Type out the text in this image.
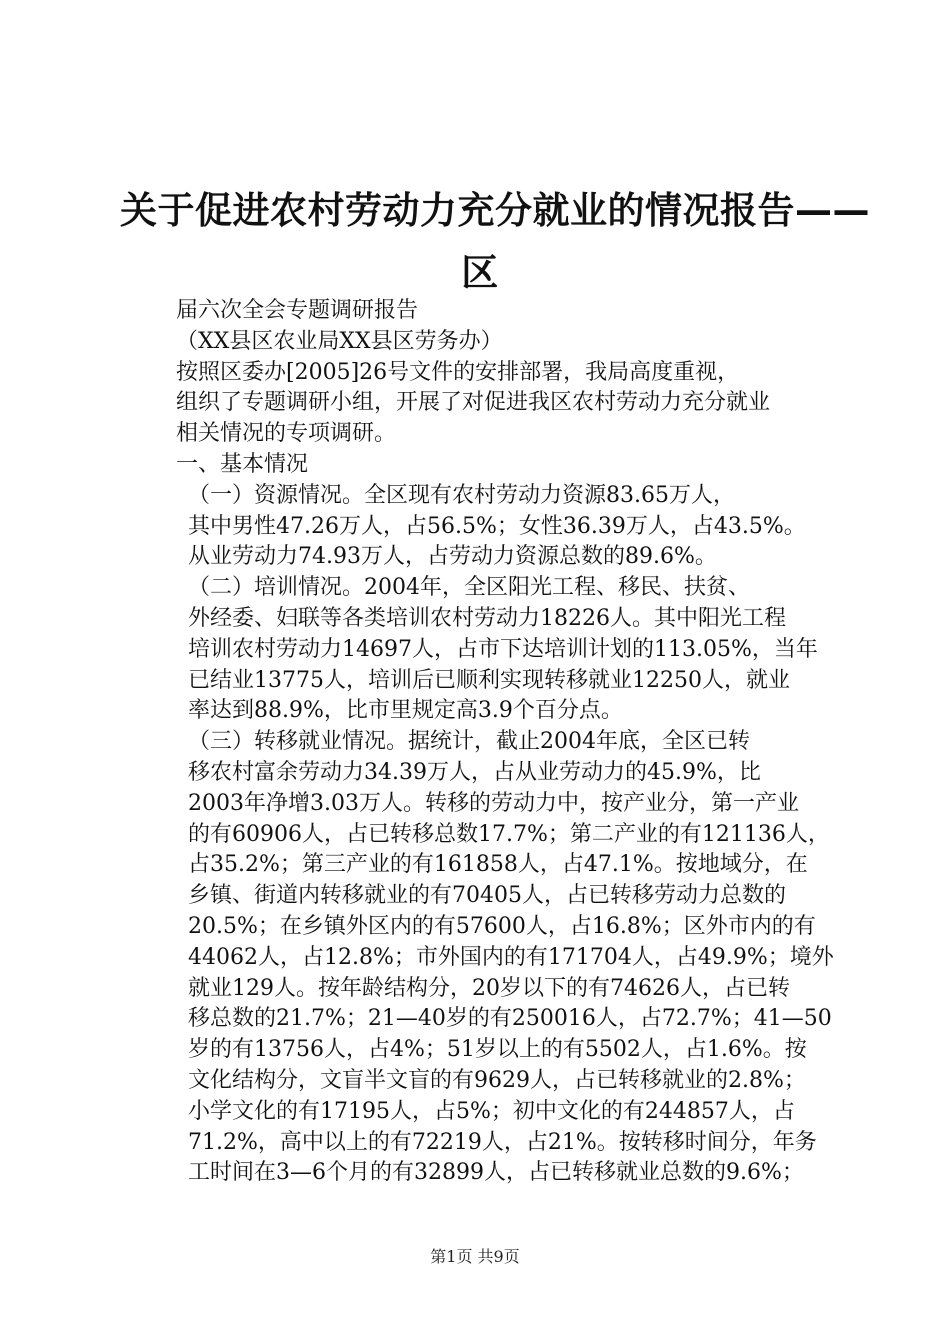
关于促进农村劳动力充分就业的情况报告——
区

届六次全会专题调研报告

（XX县区农业局XX县区劳务办）

按照区委办[2005]26号文件的安排部署，我局高度重视，
组织了专题调研小组，开展了对促进我区农村劳动力充分就业
相关情况的专项调研。

一、基本情况

（一）资源情况。全区现有农村劳动力资源83.65万人，
其中男性47.26万人，占56.5%；女性36.39万人，占43.5%。
从业劳动力74.93万人，占劳动力资源总数的89.6%。

（二）培训情况。2004年，全区阳光工程、移民、扶贫、
外经委、妇联等各类培训农村劳动力18226人。其中阳光工程
培训农村劳动力14697人，占市下达培训计划的113.05%，当年
已结业13775人，培训后已顺利实现转移就业12250人，就业
率达到88.9%，比市里规定高3.9个百分点。

（三）转移就业情况。据统计，截止2004年底，全区已转
移农村富余劳动力34.39万人，占从业劳动力的45.9%，比
2003年净增3.03万人。转移的劳动力中，按产业分，第一产业
的有60906人，占已转移总数17.7%；第二产业的有121136人，
占35.2%；第三产业的有161858人，占47.1%。按地域分，在
乡镇、街道内转移就业的有70405人，占已转移劳动力总数的
20.5%；在乡镇外区内的有57600人，占16.8%；区外市内的有
44062人，占12.8%；市外国内的有171704人，占49.9%；境外
就业129人。按年龄结构分，20岁以下的有74626人，占已转
移总数的21.7%；21—40岁的有250016人，占72.7%；41—50
岁的有13756人，占4%；51岁以上的有5502人，占1.6%。按
文化结构分，文盲半文盲的有9629人，占已转移就业的2.8%；
小学文化的有17195人，占5%；初中文化的有244857人，占
71.2%，高中以上的有72219人，占21%。按转移时间分，年务
工时间在3—6个月的有32899人，占已转移就业总数的9.6%；

第1页 共9页
